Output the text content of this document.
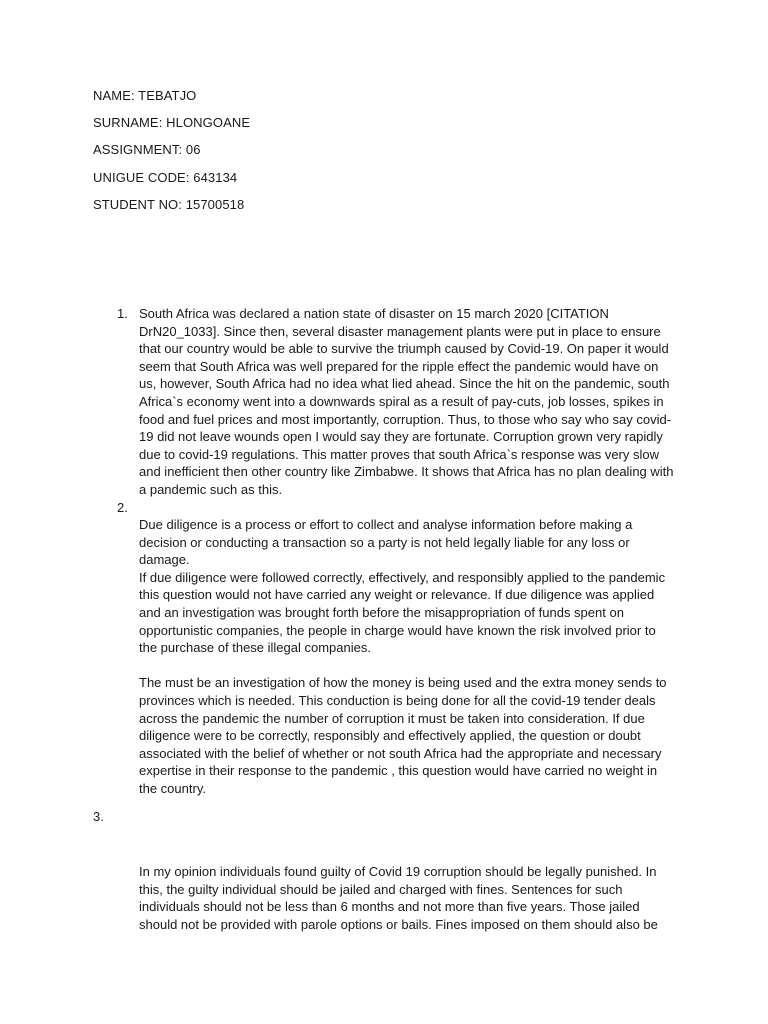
NAME: TEBATJO
SURNAME: HLONGOANE
ASSIGNMENT: 06
UNIGUE CODE: 643134
STUDENT NO: 15700518
1. South Africa was declared a nation state of disaster on 15 march 2020 [CITATION DrN20_1033]. Since then, several disaster management plants were put in place to ensure that our country would be able to survive the triumph caused by Covid-19. On paper it would seem that South Africa was well prepared for the ripple effect the pandemic would have on us, however, South Africa had no idea what lied ahead. Since the hit on the pandemic, south Africa`s economy went into a downwards spiral as a result of pay-cuts, job losses, spikes in food and fuel prices and most importantly, corruption. Thus, to those who say who say covid-19 did not leave wounds open I would say they are fortunate. Corruption grown very rapidly due to covid-19 regulations. This matter proves that south Africa`s response was very slow and inefficient then other country like Zimbabwe. It shows that Africa has no plan dealing with a pandemic such as this.

2.

Due diligence is a process or effort to collect and analyse information before making a decision or conducting a transaction so a party is not held legally liable for any loss or damage.

If due diligence were followed correctly, effectively, and responsibly applied to the pandemic this question would not have carried any weight or relevance. If due diligence was applied and an investigation was brought forth before the misappropriation of funds spent on opportunistic companies, the people in charge would have known the risk involved prior to the purchase of these illegal companies.

The must be an investigation of how the money is being used and the extra money sends to provinces which is needed. This conduction is being done for all the covid-19 tender deals across the pandemic the number of corruption it must be taken into consideration. If due diligence were to be correctly, responsibly and effectively applied, the question or doubt associated with the belief of whether or not south Africa had the appropriate and necessary expertise in their response to the pandemic , this question would have carried no weight in the country.

3.

In my opinion individuals found guilty of Covid 19 corruption should be legally punished. In this, the guilty individual should be jailed and charged with fines. Sentences for such individuals should not be less than 6 months and not more than five years. Those jailed should not be provided with parole options or bails. Fines imposed on them should also be
